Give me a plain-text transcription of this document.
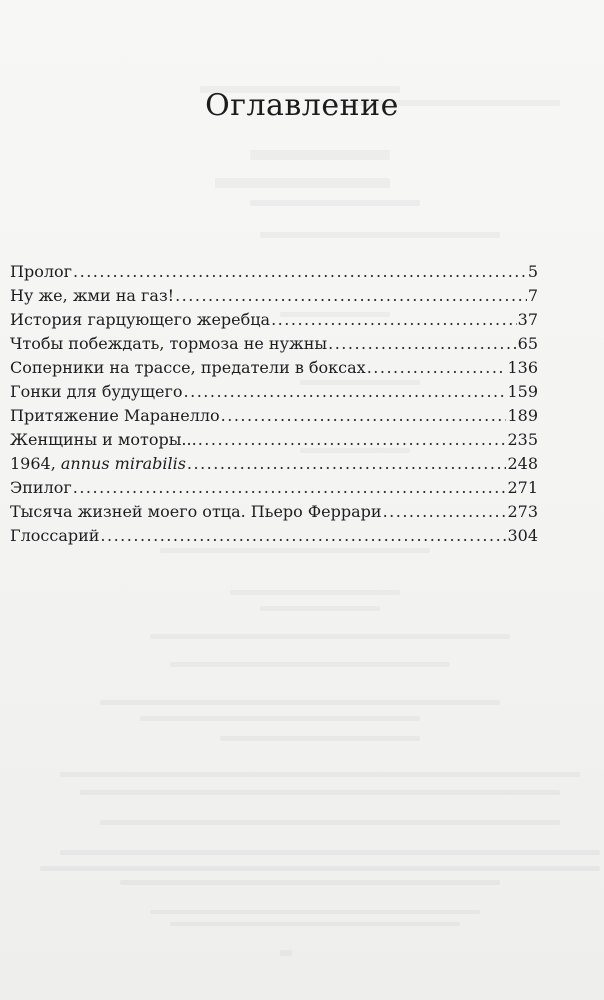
Оглавление
Пролог .....	5
Ну же, жми на газ! .....	7
История гарцующего жеребца .....	37
Чтобы побеждать, тормоза не нужны .....	65
Соперники на трассе, предатели в боксах .....	136
Гонки для будущего .....	159
Притяжение Маранелло .....	189
Женщины и моторы... .....	235
1964, annus mirabilis .....	248
Эпилог .....	271
Тысяча жизней моего отца. Пьеро Феррари .....	273
Глоссарий .....	304
